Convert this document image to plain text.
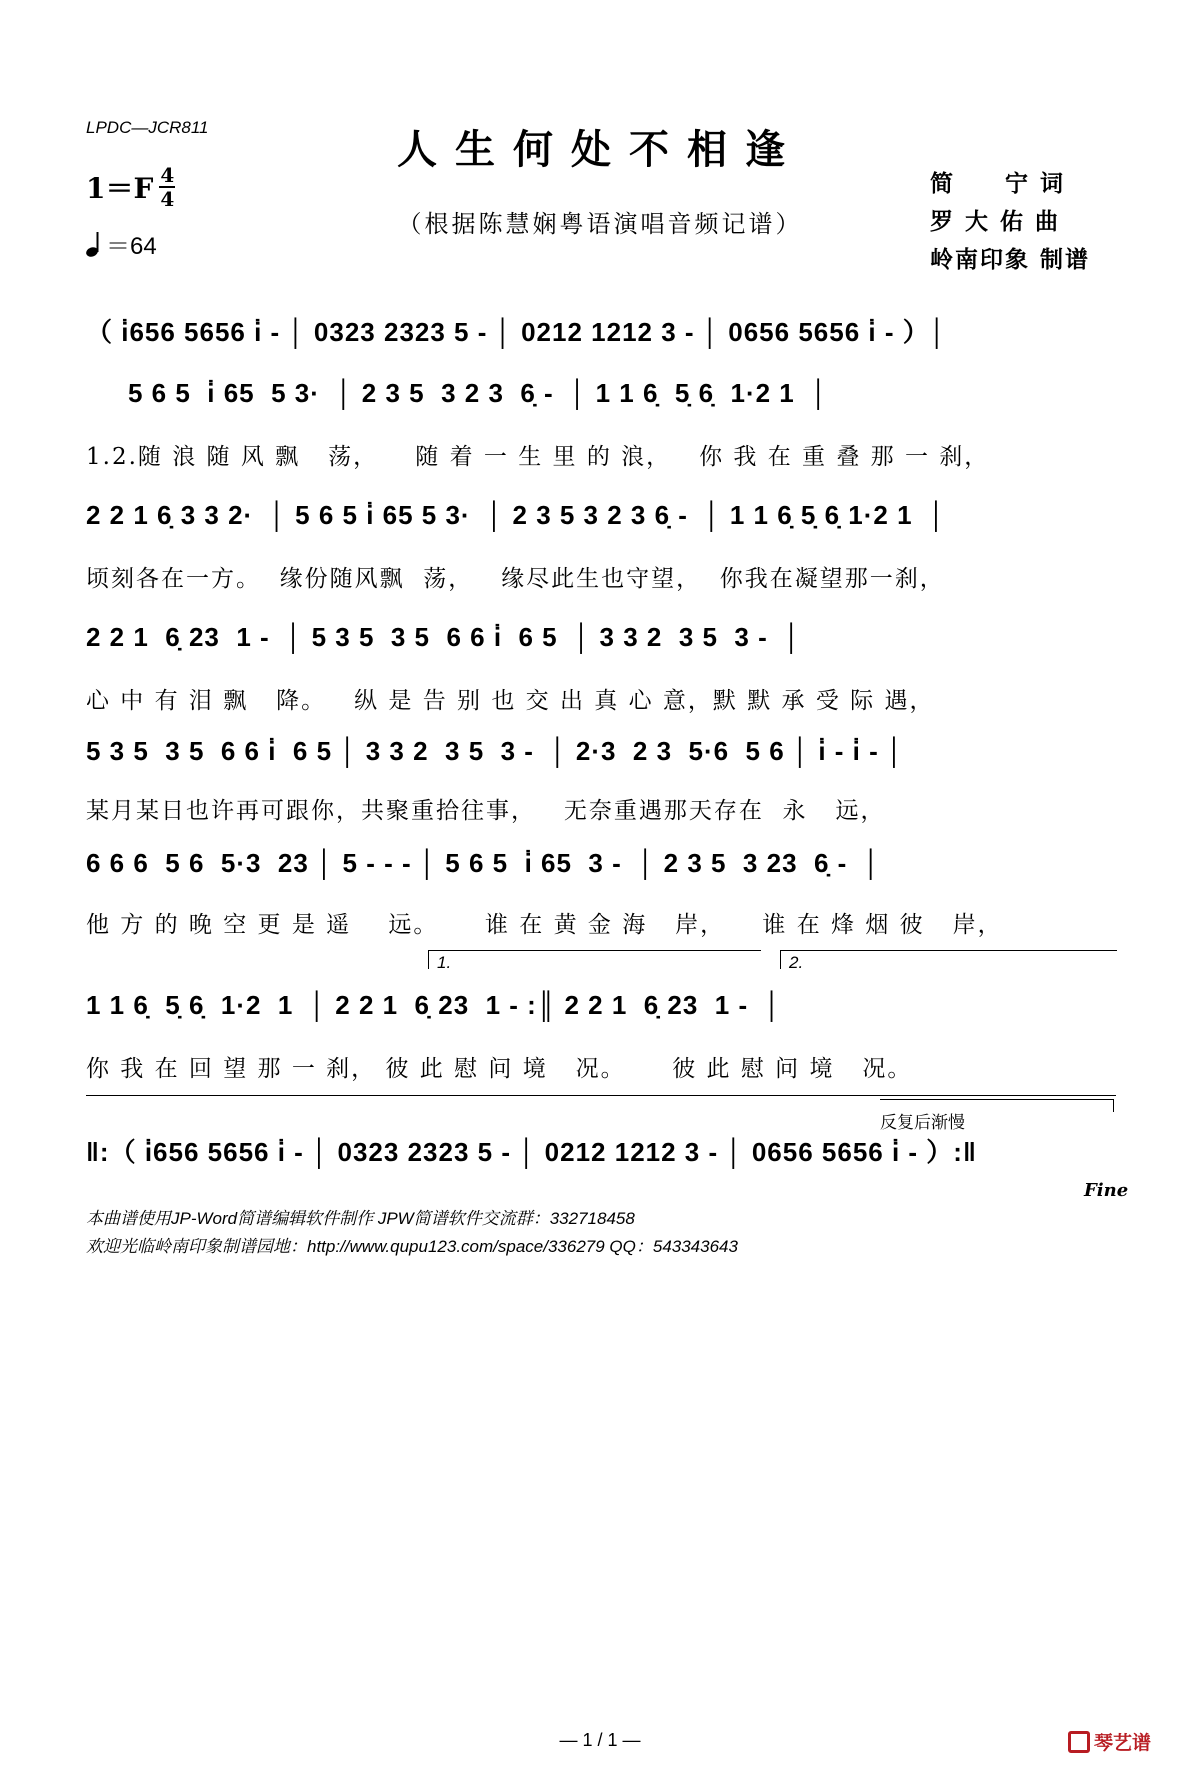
LPDC—JCR811	人生何处不相逢
（根据陈慧娴粤语演唱音频记谱）
1＝F 4
4
＝64
简　　宁 词
罗 大 佑 曲
岭南印象 制谱
（ i̇656 5656 i̇ - │ 0323 2323 5 - │ 0212 1212 3 - │ 0656 5656 i̇ - ）│
5 6 5  i̇ 65  5 3·  │ 2 3 5  3 2 3  6̣ -  │ 1 1 6̣  5̣ 6̣  1·2 1  │
1.2.随 浪 随 风 飘   荡，    随 着 一 生 里 的 浪，   你 我 在 重 叠 那 一 刹，
2 2 1 6̣ 3 3 2·  │ 5 6 5 i̇ 65 5 3·  │ 2 3 5 3 2 3 6̣ -  │ 1 1 6̣ 5̣ 6̣ 1·2 1  │
顷刻各在一方。  缘份随风飘  荡，   缘尽此生也守望，  你我在凝望那一刹，
2 2 1  6̣ 23  1 -  │ 5 3 5  3 5  6 6 i̇  6 5  │ 3 3 2  3 5  3 -  │
心 中 有 泪 飘   降。   纵 是 告 别 也 交 出 真 心 意，默 默 承 受 际 遇，
5 3 5  3 5  6 6 i̇  6 5 │ 3 3 2  3 5  3 -  │ 2·3  2 3  5·6  5 6 │ i̇ - i̇ - │
某月某日也许再可跟你，共聚重拾往事，   无奈重遇那天存在  永   远，
6 6 6  5 6  5·3  23 │ 5 - - - │ 5 6 5  i̇ 65  3 -  │ 2 3 5  3 23  6̣ -  │
他 方 的 晚 空 更 是 遥    远。     谁 在 黄 金 海   岸，    谁 在 烽 烟 彼   岸，
1.	2.
1 1 6̣  5̣ 6̣  1·2  1  │ 2 2 1  6̣ 23  1 - :║ 2 2 1  6̣ 23  1 -  │
你 我 在 回 望 那 一 刹， 彼 此 慰 问 境   况。     彼 此 慰 问 境   况。
反复后渐慢
‖:（ i̇656 5656 i̇ - │ 0323 2323 5 - │ 0212 1212 3 - │ 0656 5656 i̇ - ）:‖
Fine
本曲谱使用JP-Word简谱编辑软件制作 JPW简谱软件交流群：332718458
欢迎光临岭南印象制谱园地：http://www.qupu123.com/space/336279 QQ：543343643
— 1 / 1 —	琴艺谱
